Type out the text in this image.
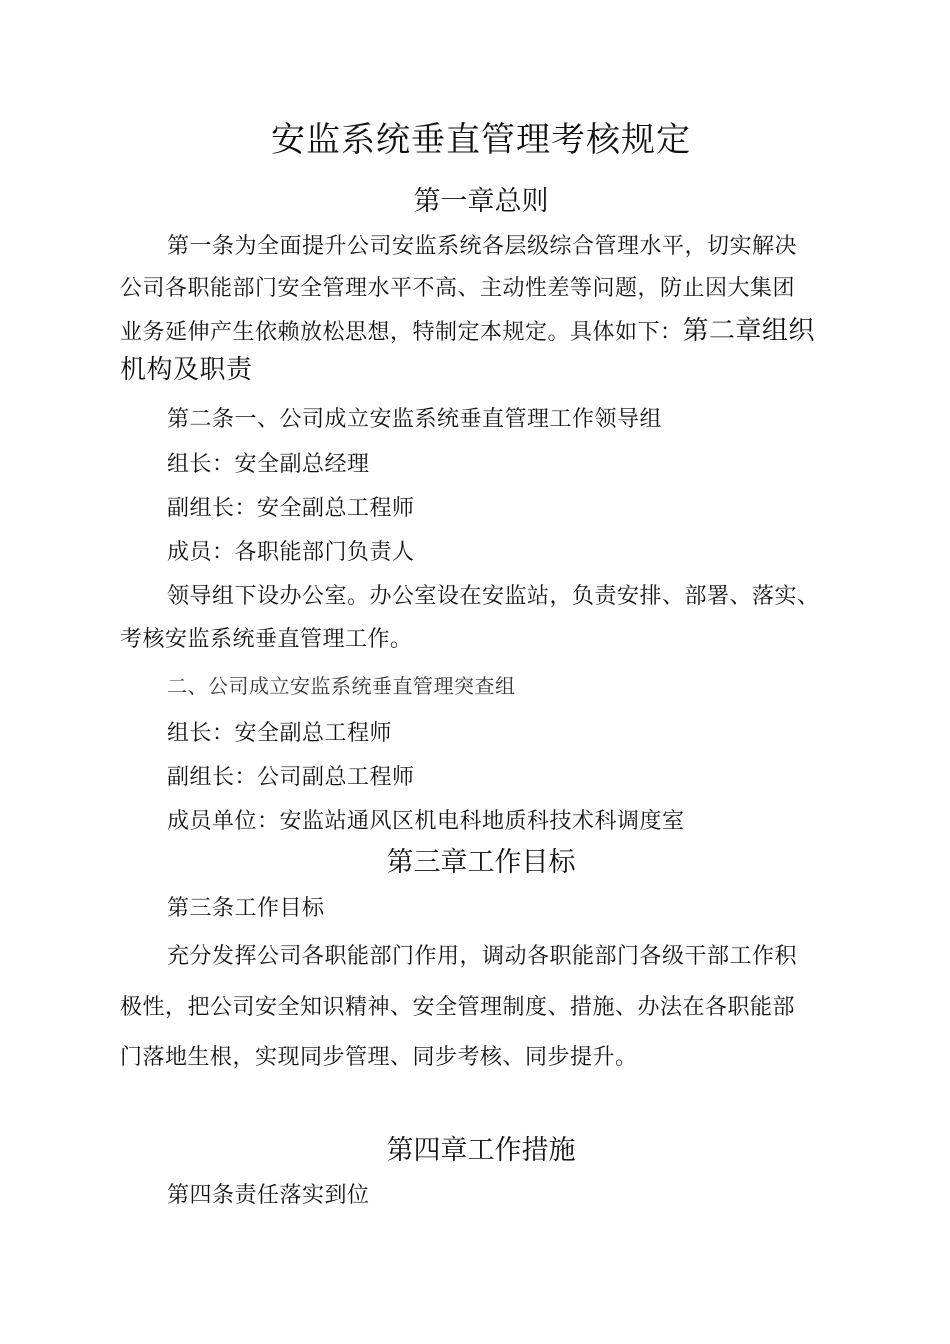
安监系统垂直管理考核规定
第一章总则

第一条为全面提升公司安监系统各层级综合管理水平，切实解决

公司各职能部门安全管理水平不高、主动性差等问题，防止因大集团

业务延伸产生依赖放松思想，特制定本规定。具体如下：第二章组织

机构及职责

第二条一、公司成立安监系统垂直管理工作领导组

组长：安全副总经理

副组长：安全副总工程师

成员：各职能部门负责人

领导组下设办公室。办公室设在安监站，负责安排、部署、落实、

考核安监系统垂直管理工作。

二、公司成立安监系统垂直管理突查组

组长：安全副总工程师

副组长：公司副总工程师

成员单位：安监站通风区机电科地质科技术科调度室

第三章工作目标

第三条工作目标

充分发挥公司各职能部门作用，调动各职能部门各级干部工作积

极性，把公司安全知识精神、安全管理制度、措施、办法在各职能部

门落地生根，实现同步管理、同步考核、同步提升。

第四章工作措施

第四条责任落实到位
